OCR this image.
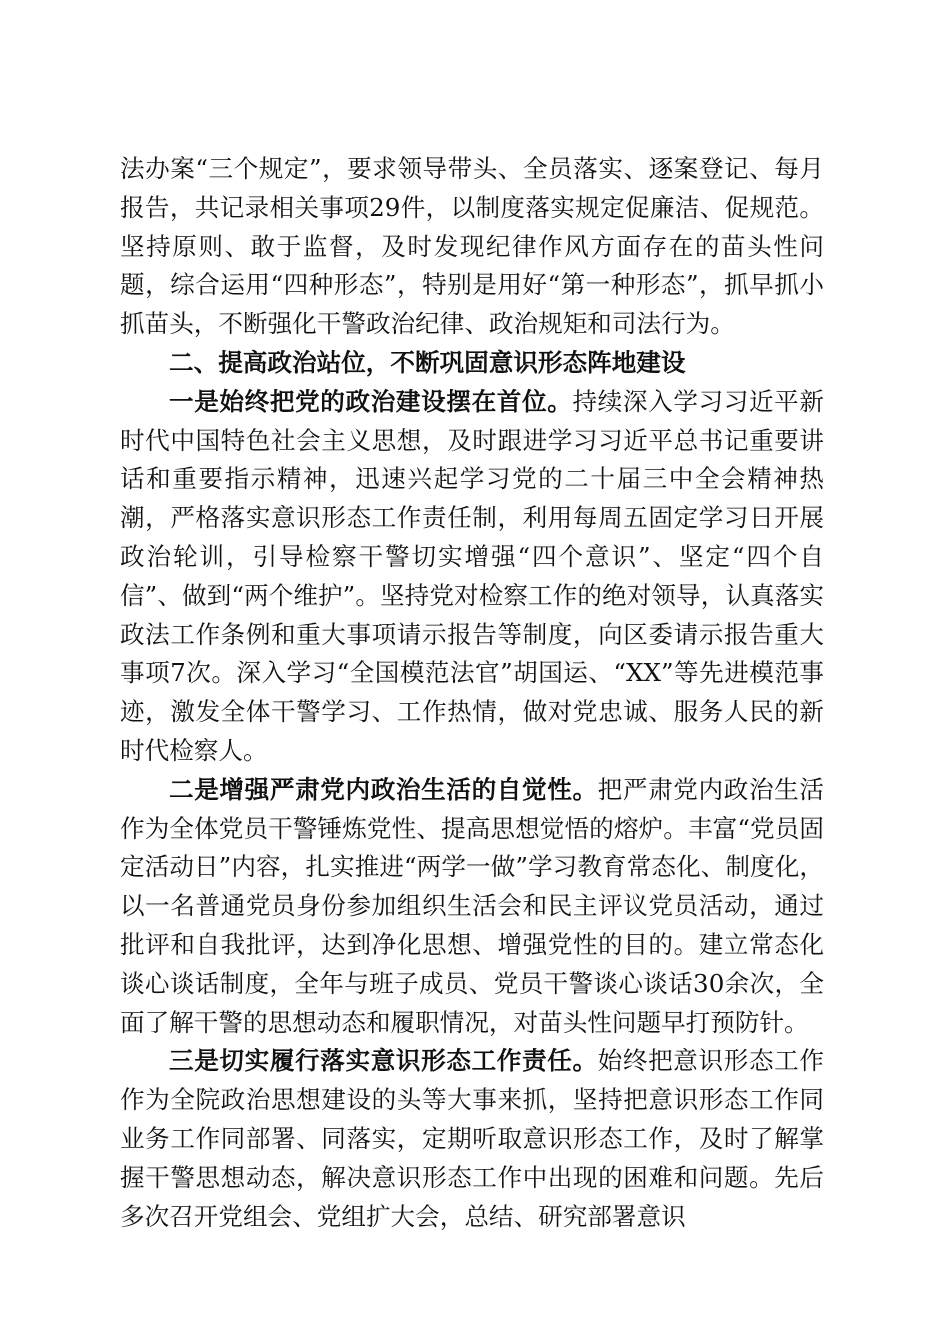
法办案“三个规定”，要求领导带头、全员落实、逐案登记、每月报告，共记录相关事项29件，以制度落实规定促廉洁、促规范。坚持原则、敢于监督，及时发现纪律作风方面存在的苗头性问题，综合运用“四种形态”，特别是用好“第一种形态”，抓早抓小抓苗头，不断强化干警政治纪律、政治规矩和司法行为。

二、提高政治站位，不断巩固意识形态阵地建设

一是始终把党的政治建设摆在首位。持续深入学习习近平新时代中国特色社会主义思想，及时跟进学习习近平总书记重要讲话和重要指示精神，迅速兴起学习党的二十届三中全会精神热潮，严格落实意识形态工作责任制，利用每周五固定学习日开展政治轮训，引导检察干警切实增强“四个意识”、坚定“四个自信”、做到“两个维护”。坚持党对检察工作的绝对领导，认真落实政法工作条例和重大事项请示报告等制度，向区委请示报告重大事项7次。深入学习“全国模范法官”胡国运、“XX”等先进模范事迹，激发全体干警学习、工作热情，做对党忠诚、服务人民的新时代检察人。

二是增强严肃党内政治生活的自觉性。把严肃党内政治生活作为全体党员干警锤炼党性、提高思想觉悟的熔炉。丰富“党员固定活动日”内容，扎实推进“两学一做”学习教育常态化、制度化，以一名普通党员身份参加组织生活会和民主评议党员活动，通过批评和自我批评，达到净化思想、增强党性的目的。建立常态化谈心谈话制度，全年与班子成员、党员干警谈心谈话30余次，全面了解干警的思想动态和履职情况，对苗头性问题早打预防针。

三是切实履行落实意识形态工作责任。始终把意识形态工作作为全院政治思想建设的头等大事来抓，坚持把意识形态工作同业务工作同部署、同落实，定期听取意识形态工作，及时了解掌握干警思想动态，解决意识形态工作中出现的困难和问题。先后多次召开党组会、党组扩大会，总结、研究部署意识
